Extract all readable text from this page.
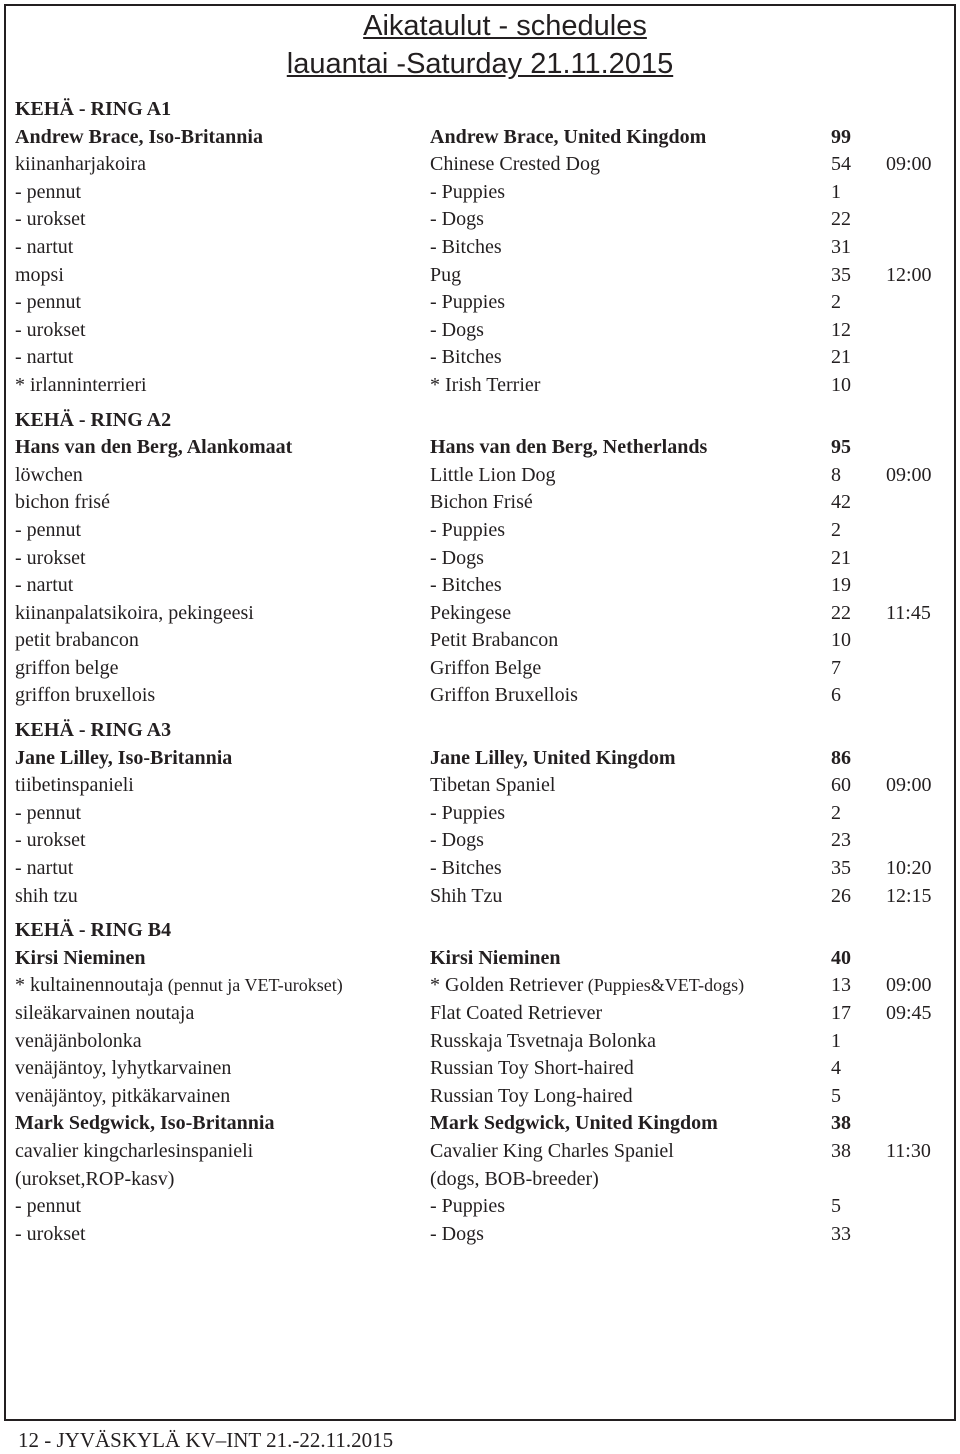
Aikataulut - schedules
lauantai -Saturday 21.11.2015
KEHÄ - RING A1
Andrew Brace, Iso-Britannia	Andrew Brace, United Kingdom	99
kiinanharjakoira	Chinese Crested Dog	54 09:00
- pennut	- Puppies	1
- urokset	- Dogs	22
- nartut	- Bitches	31
mopsi	Pug	35 12:00
- pennut	- Puppies	2
- urokset	- Dogs	12
- nartut	- Bitches	21
* irlanninterrieri	* Irish Terrier	10
KEHÄ - RING A2
Hans van den Berg, Alankomaat	Hans van den Berg, Netherlands	95
löwchen	Little Lion Dog	8 09:00
bichon frisé	Bichon Frisé	42
- pennut	- Puppies	2
- urokset	- Dogs	21
- nartut	- Bitches	19
kiinanpalatsikoira, pekingeesi	Pekingese	22 11:45
petit brabancon	Petit Brabancon	10
griffon belge	Griffon Belge	7
griffon bruxellois	Griffon Bruxellois	6
KEHÄ - RING A3
Jane Lilley, Iso-Britannia	Jane Lilley, United Kingdom	86
tiibetinspanieli	Tibetan Spaniel	60 09:00
- pennut	- Puppies	2
- urokset	- Dogs	23
- nartut	- Bitches	35 10:20
shih tzu	Shih Tzu	26 12:15
KEHÄ - RING B4
Kirsi Nieminen	Kirsi Nieminen	40
* kultainennoutaja (pennut ja VET-urokset)	* Golden Retriever (Puppies&VET-dogs)	13 09:00
sileäkarvainen noutaja	Flat Coated Retriever	17 09:45
venäjänbolonka	Russkaja Tsvetnaja Bolonka	1
venäjäntoy, lyhytkarvainen	Russian Toy Short-haired	4
venäjäntoy, pitkäkarvainen	Russian Toy Long-haired	5
Mark Sedgwick, Iso-Britannia	Mark Sedgwick, United Kingdom	38
cavalier kingcharlesinspanieli	Cavalier King Charles Spaniel	38 11:30
(urokset,ROP-kasv)	(dogs, BOB-breeder)
- pennut	- Puppies	5
- urokset	- Dogs	33
12 - JYVÄSKYLÄ KV–INT 21.-22.11.2015
